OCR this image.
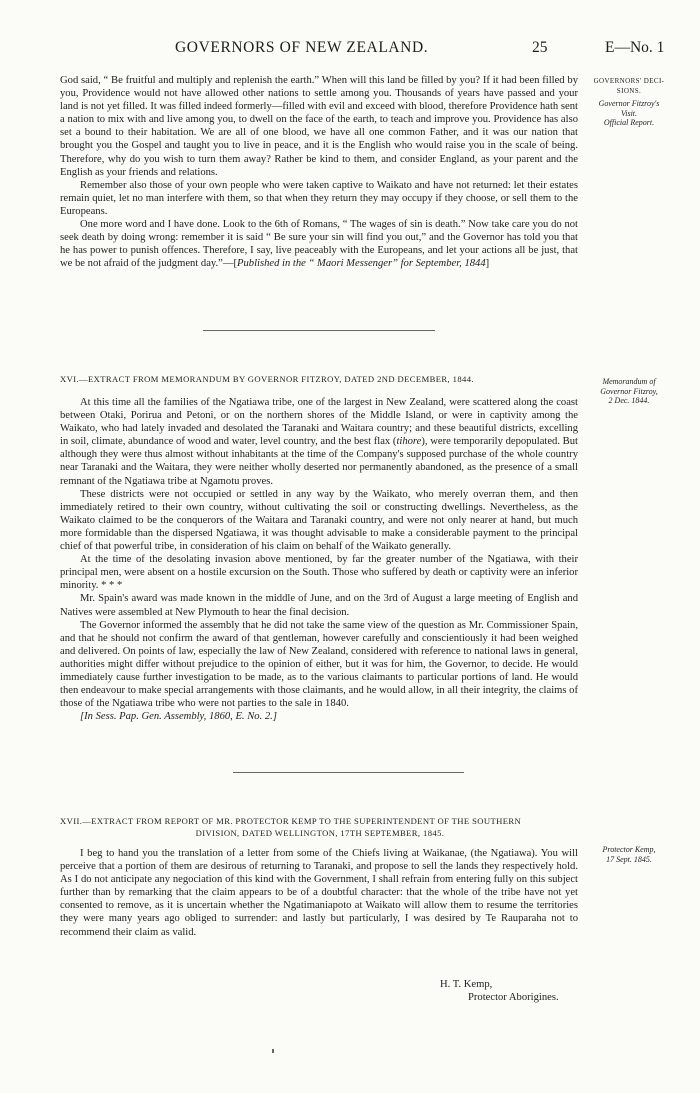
GOVERNORS OF NEW ZEALAND.	25	E—No. 1

GOVERNORS' DECI-

SIONS.

Governor Fitzroy's

Visit.

Official Report.

Memorandum of

Governor Fitzroy,

2 Dec. 1844.

Protector Kemp,

17 Sept. 1845.

God said, “ Be fruitful and multiply and replenish the earth.” When will this land be filled by you? If it had been filled by you, Providence would not have allowed other nations to settle among you. Thousands of years have passed and your land is not yet filled. It was filled indeed formerly—filled with evil and exceed with blood, therefore Providence hath sent a nation to mix with and live among you, to dwell on the face of the earth, to teach and improve you. Providence has also set a bound to their habitation. We are all of one blood, we have all one common Father, and it was our nation that brought you the Gospel and taught you to live in peace, and it is the English who would raise you in the scale of being. Therefore, why do you wish to turn them away? Rather be kind to them, and consider England, as your parent and the English as your friends and relations.

Remember also those of your own people who were taken captive to Waikato and have not returned: let their estates remain quiet, let no man interfere with them, so that when they return they may occupy if they choose, or sell them to the Europeans.

One more word and I have done. Look to the 6th of Romans, “ The wages of sin is death.” Now take care you do not seek death by doing wrong: remember it is said “ Be sure your sin will find you out,” and the Governor has told you that he has power to punish offences. Therefore, I say, live peaceably with the Europeans, and let your actions all be just, that we be not afraid of the judgment day.”—[Published in the “ Maori Messenger” for September, 1844]

XVI.—EXTRACT FROM MEMORANDUM BY GOVERNOR FITZROY, DATED 2ND DECEMBER, 1844.

At this time all the families of the Ngatiawa tribe, one of the largest in New Zealand, were scattered along the coast between Otaki, Porirua and Petoni, or on the northern shores of the Middle Island, or were in captivity among the Waikato, who had lately invaded and desolated the Taranaki and Waitara country; and these beautiful districts, excelling in soil, climate, abundance of wood and water, level country, and the best flax (tihore), were temporarily depopulated. But although they were thus almost without inhabitants at the time of the Company's supposed purchase of the whole country near Taranaki and the Waitara, they were neither wholly deserted nor permanently abandoned, as the presence of a small remnant of the Ngatiawa tribe at Ngamotu proves.

These districts were not occupied or settled in any way by the Waikato, who merely overran them, and then immediately retired to their own country, without cultivating the soil or constructing dwellings. Nevertheless, as the Waikato claimed to be the conquerors of the Waitara and Taranaki country, and were not only nearer at hand, but much more formidable than the dispersed Ngatiawa, it was thought advisable to make a considerable payment to the principal chief of that powerful tribe, in consideration of his claim on behalf of the Waikato generally.

At the time of the desolating invasion above mentioned, by far the greater number of the Ngatiawa, with their principal men, were absent on a hostile excursion on the South. Those who suffered by death or captivity were an inferior minority. * * *

Mr. Spain's award was made known in the middle of June, and on the 3rd of August a large meeting of English and Natives were assembled at New Plymouth to hear the final decision.

The Governor informed the assembly that he did not take the same view of the question as Mr. Commissioner Spain, and that he should not confirm the award of that gentleman, however carefully and conscientiously it had been weighed and delivered. On points of law, especially the law of New Zealand, considered with reference to national laws in general, authorities might differ without prejudice to the opinion of either, but it was for him, the Governor, to decide. He would immediately cause further investigation to be made, as to the various claimants to particular portions of land. He would then endeavour to make special arrangements with those claimants, and he would allow, in all their integrity, the claims of those of the Ngatiawa tribe who were not parties to the sale in 1840.

[In Sess. Pap. Gen. Assembly, 1860, E. No. 2.]

XVII.—EXTRACT FROM REPORT OF MR. PROTECTOR KEMP TO THE SUPERINTENDENT OF THE SOUTHERN
DIVISION, DATED WELLINGTON, 17TH SEPTEMBER, 1845.

I beg to hand you the translation of a letter from some of the Chiefs living at Waikanae, (the Ngatiawa). You will perceive that a portion of them are desirous of returning to Taranaki, and propose to sell the lands they respectively hold. As I do not anticipate any negociation of this kind with the Government, I shall refrain from entering fully on this subject further than by remarking that the claim appears to be of a doubtful character: that the whole of the tribe have not yet consented to remove, as it is uncertain whether the Ngatimaniapoto at Waikato will allow them to resume the territories they were many years ago obliged to surrender: and lastly but particularly, I was desired by Te Rauparaha not to recommend their claim as valid.

H. T. Kemp,
Protector Aborigines.
